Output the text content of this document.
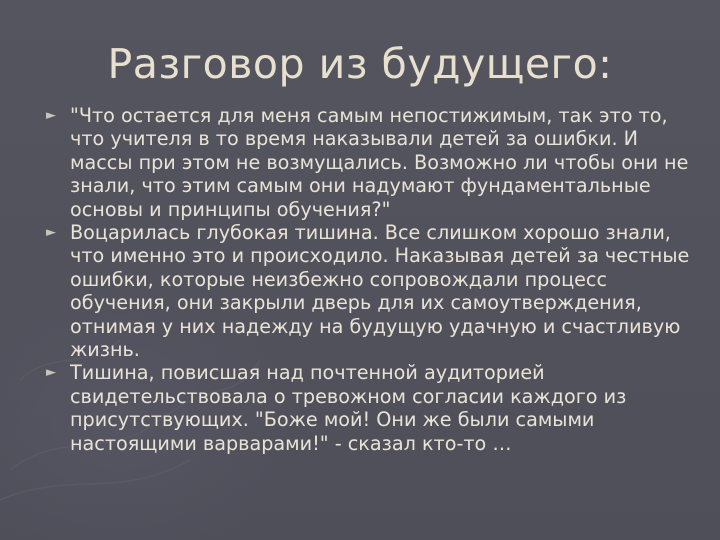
Разговор из будущего:
► "Что остается для меня самым непостижимым, так это то, что учителя в то время наказывали детей за ошибки. И массы при этом не возмущались. Возможно ли чтобы они не знали, что этим самым они надумают фундаментальные основы и принципы обучения?"
► Воцарилась глубокая тишина. Все слишком хорошо знали, что именно это и происходило. Наказывая детей за честные ошибки, которые неизбежно сопровождали процесс обучения, они закрыли дверь для их самоутверждения, отнимая у них надежду на будущую удачную и счастливую жизнь.
► Тишина, повисшая над почтенной аудиторией свидетельствовала о тревожном согласии каждого из присутствующих. "Боже мой! Они же были самыми настоящими варварами!" - сказал кто-то …
